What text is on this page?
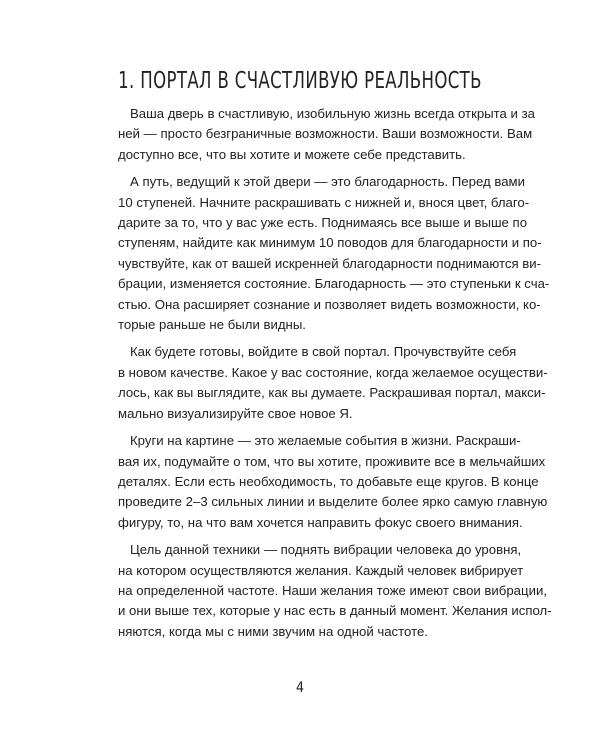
1. ПОРТАЛ В СЧАСТЛИВУЮ РЕАЛЬНОСТЬ
Ваша дверь в счастливую, изобильную жизнь всегда открыта и за
ней — просто безграничные возможности. Ваши возможности. Вам
доступно все, что вы хотите и можете себе представить.
А путь, ведущий к этой двери — это благодарность. Перед вами
10 ступеней. Начните раскрашивать с нижней и, внося цвет, благо-
дарите за то, что у вас уже есть. Поднимаясь все выше и выше по
ступеням, найдите как минимум 10 поводов для благодарности и по-
чувствуйте, как от вашей искренней благодарности поднимаются ви-
брации, изменяется состояние. Благодарность — это ступеньки к сча-
стью. Она расширяет сознание и позволяет видеть возможности, ко-
торые раньше не были видны.
Как будете готовы, войдите в свой портал. Прочувствуйте себя
в новом качестве. Какое у вас состояние, когда желаемое осуществи-
лось, как вы выглядите, как вы думаете. Раскрашивая портал, макси-
мально визуализируйте свое новое Я.
Круги на картине — это желаемые события в жизни. Раскраши-
вая их, подумайте о том, что вы хотите, проживите все в мельчайших
деталях. Если есть необходимость, то добавьте еще кругов. В конце
проведите 2–3 сильных линии и выделите более ярко самую главную
фигуру, то, на что вам хочется направить фокус своего внимания.
Цель данной техники — поднять вибрации человека до уровня,
на котором осуществляются желания. Каждый человек вибрирует
на определенной частоте. Наши желания тоже имеют свои вибрации,
и они выше тех, которые у нас есть в данный момент. Желания испол-
няются, когда мы с ними звучим на одной частоте.
4
